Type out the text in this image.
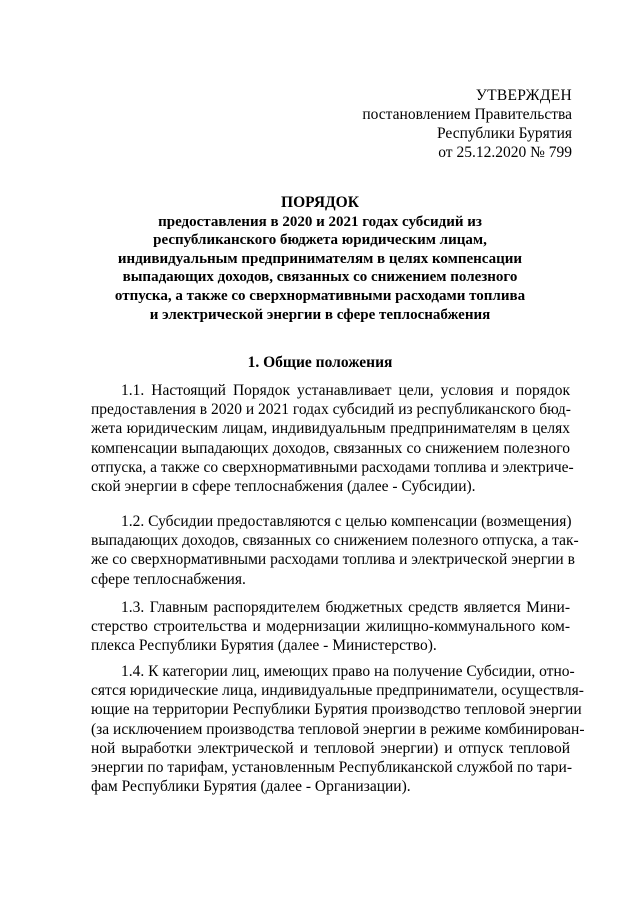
УТВЕРЖДЕН
постановлением Правительства
Республики Бурятия
от 25.12.2020 № 799
ПОРЯДОК
предоставления в 2020 и 2021 годах субсидий из
республиканского бюджета юридическим лицам,
индивидуальным предпринимателям в целях компенсации
выпадающих доходов, связанных со снижением полезного
отпуска, а также со сверхнормативными расходами топлива
и электрической энергии в сфере теплоснабжения
1. Общие положения
1.1. Настоящий Порядок устанавливает цели, условия и порядок
предоставления в 2020 и 2021 годах субсидий из республиканского бюд-
жета юридическим лицам, индивидуальным предпринимателям в целях
компенсации выпадающих доходов, связанных со снижением полезного
отпуска, а также со сверхнормативными расходами топлива и электриче-
ской энергии в сфере теплоснабжения (далее - Субсидии).
1.2. Субсидии предоставляются с целью компенсации (возмещения)
выпадающих доходов, связанных со снижением полезного отпуска, а так-
же со сверхнормативными расходами топлива и электрической энергии в
сфере теплоснабжения.
1.3. Главным распорядителем бюджетных средств является Мини-
стерство строительства и модернизации жилищно-коммунального ком-
плекса Республики Бурятия (далее - Министерство).
1.4. К категории лиц, имеющих право на получение Субсидии, отно-
сятся юридические лица, индивидуальные предприниматели, осуществля-
ющие на территории Республики Бурятия производство тепловой энергии
(за исключением производства тепловой энергии в режиме комбинирован-
ной выработки электрической и тепловой энергии) и отпуск тепловой
энергии по тарифам, установленным Республиканской службой по тари-
фам Республики Бурятия (далее - Организации).
